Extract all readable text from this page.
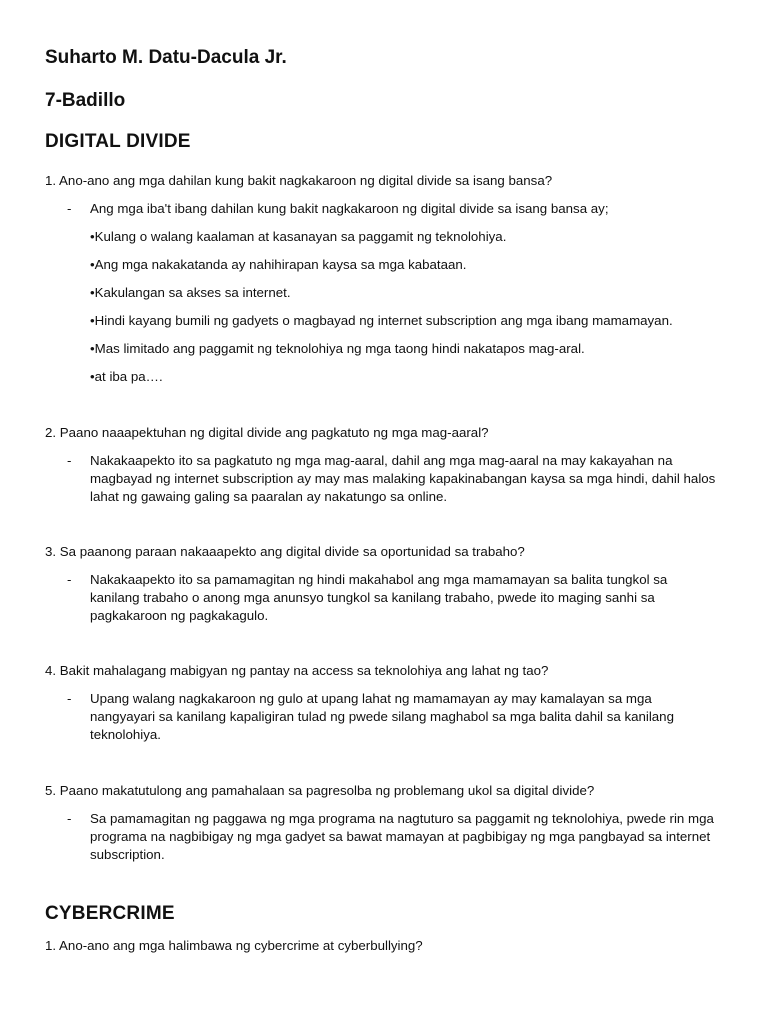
Suharto M. Datu-Dacula Jr.

7-Badillo

DIGITAL DIVIDE

1. Ano-ano ang mga dahilan kung bakit nagkakaroon ng digital divide sa isang bansa?

- Ang mga iba't ibang dahilan kung bakit nagkakaroon ng digital divide sa isang bansa ay;
•Kulang o walang kaalaman at kasanayan sa paggamit ng teknolohiya.
•Ang mga nakakatanda ay nahihirapan kaysa sa mga kabataan.
•Kakulangan sa akses sa internet.
•Hindi kayang bumili ng gadyets o magbayad ng internet subscription ang mga ibang mamamayan.
•Mas limitado ang paggamit ng teknolohiya ng mga taong hindi nakatapos mag-aral.
•at iba pa….

2. Paano naaapektuhan ng digital divide ang pagkatuto ng mga mag-aaral?

- Nakakaapekto ito sa pagkatuto ng mga mag-aaral, dahil ang mga mag-aaral na may kakayahan na magbayad ng internet subscription ay may mas malaking kapakinabangan kaysa sa mga hindi, dahil halos lahat ng gawaing galing sa paaralan ay nakatungo sa online.

3. Sa paanong paraan nakaaapekto ang digital divide sa oportunidad sa trabaho?

- Nakakaapekto ito sa pamamagitan ng hindi makahabol ang mga mamamayan sa balita tungkol sa kanilang trabaho o anong mga anunsyo tungkol sa kanilang trabaho, pwede ito maging sanhi sa pagkakaroon ng pagkakagulo.

4. Bakit mahalagang mabigyan ng pantay na access sa teknolohiya ang lahat ng tao?

- Upang walang nagkakaroon ng gulo at upang lahat ng mamamayan ay may kamalayan sa mga nangyayari sa kanilang kapaligiran tulad ng pwede silang maghabol sa mga balita dahil sa kanilang teknolohiya.

5. Paano makatutulong ang pamahalaan sa pagresolba ng problemang ukol sa digital divide?

- Sa pamamagitan ng paggawa ng mga programa na nagtuturo sa paggamit ng teknolohiya, pwede rin mga programa na nagbibigay ng mga gadyet sa bawat mamayan at pagbibigay ng mga pangbayad sa internet subscription.

CYBERCRIME

1. Ano-ano ang mga halimbawa ng cybercrime at cyberbullying?
